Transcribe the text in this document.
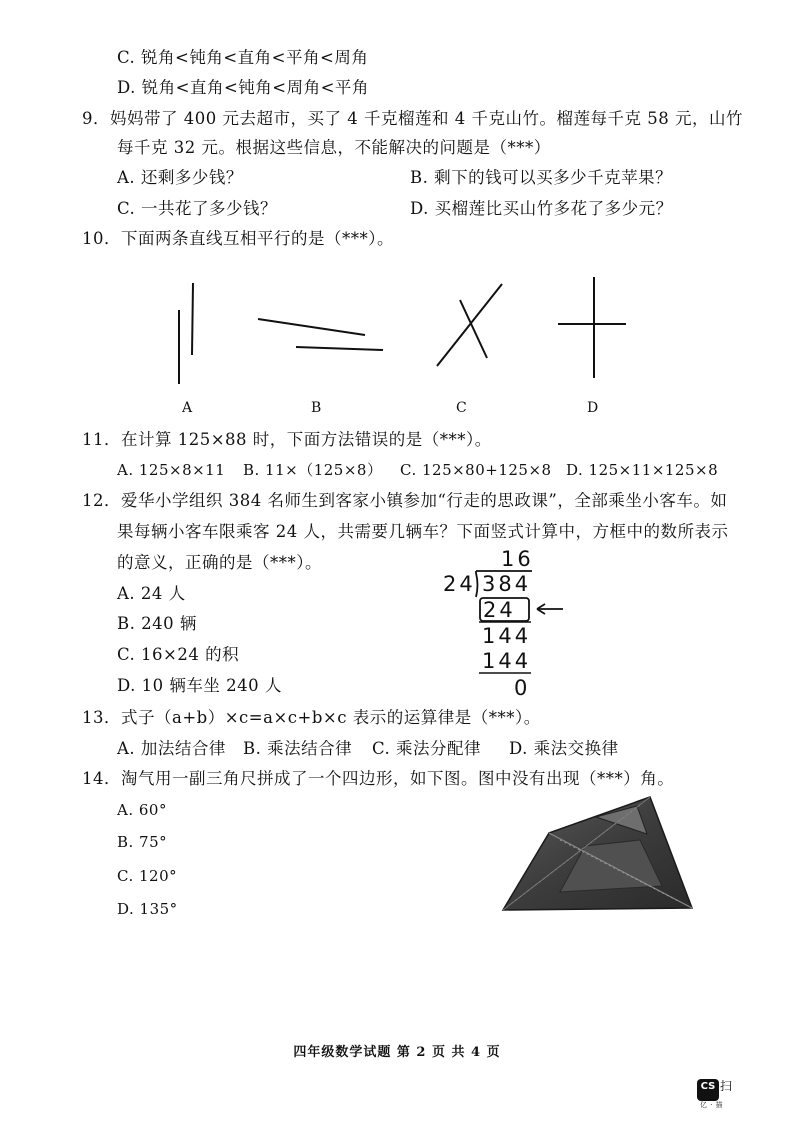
C. 锐角<钝角<直角<平角<周角
D. 锐角<直角<钝角<周角<平角
9．妈妈带了 400 元去超市，买了 4 千克榴莲和 4 千克山竹。榴莲每千克 58 元，山竹
每千克 32 元。根据这些信息，不能解决的问题是（***）
A. 还剩多少钱？	B. 剩下的钱可以买多少千克苹果？
C. 一共花了多少钱？	D. 买榴莲比买山竹多花了多少元？
10．下面两条直线互相平行的是（***）。
A	B	C	D
11．在计算 125×88 时，下面方法错误的是（***）。
A. 125×8×11 B. 11×（125×8） C. 125×80+125×8 D. 125×11×125×8
12．爱华小学组织 384 名师生到客家小镇参加“行走的思政课”，全部乘坐小客车。如
果每辆小客车限乘客 24 人，共需要几辆车？下面竖式计算中，方框中的数所表示
的意义，正确的是（***）。
A. 24 人
B. 240 辆
C. 16×24 的积
D. 10 辆车坐 240 人
16
24 384
24
144
144
0
13．式子（a+b）×c=a×c+b×c 表示的运算律是（***）。
A. 加法结合律 B. 乘法结合律 C. 乘法分配律 D. 乘法交换律
14．淘气用一副三角尺拼成了一个四边形，如下图。图中没有出现（***）角。
A. 60°
B. 75°
C. 120°
D. 135°
四年级数学试题 第 2 页 共 4 页
CS 扫
亿 · 描
